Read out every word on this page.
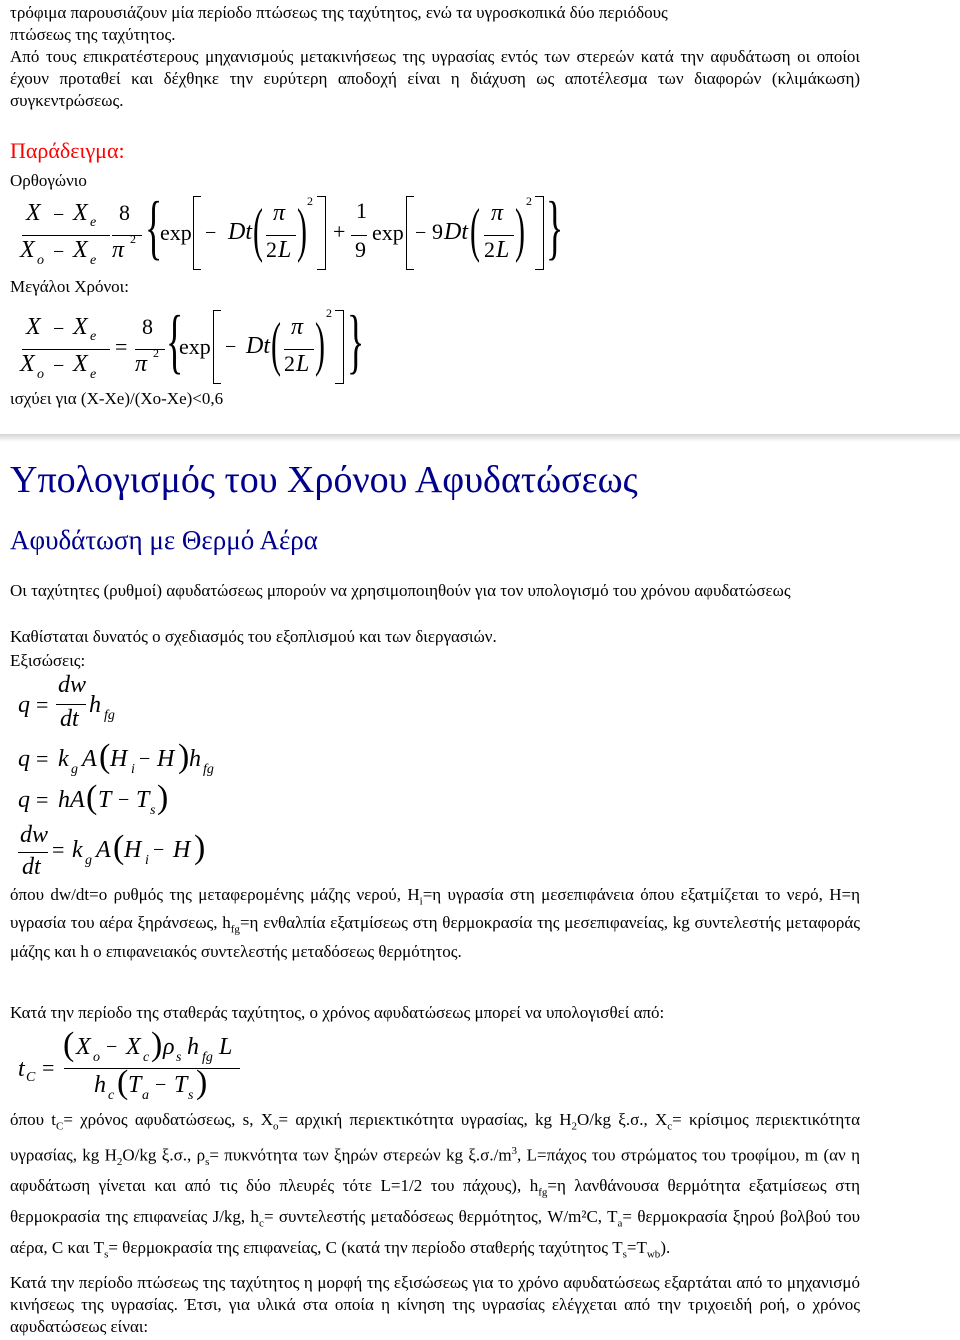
τρόφιμα παρουσιάζουν μία περίοδο πτώσεως της ταχύτητος, ενώ τα υγροσκοπικά δύο περιόδους

πτώσεως της ταχύτητος.

Από τους επικρατέστερους μηχανισμούς μετακινήσεως της υγρασίας εντός των στερεών κατά την αφυδάτωση οι οποίοι έχουν προταθεί και δέχθηκε την ευρύτερη αποδοχή είναι η διάχυση ως αποτέλεσμα των διαφορών (κλιμάκωση) συγκεντρώσεως.

Παράδειγμα:

Ορθογώνιο

X − X e
X o − X e
8
π 2 {
exp − Dt ( π
2 L ) 2
+
1
9
exp − 9 Dt ( π
2 L ) 2 }

Μεγάλοι Χρόνοι:

X − X e
X o − X e
=
8
π 2 {
exp − Dt ( π
2 L ) 2 }

ισχύει για (X-Xe)/(Xo-Xe)<0,6

Υπολογισμός του Χρόνου Αφυδατώσεως

Αφυδάτωση με Θερμό Αέρα

Οι ταχύτητες (ρυθμοί) αφυδατώσεως μπορούν να χρησιμοποιηθούν για τον υπολογισμό του χρόνου αφυδατώσεως

Καθίσταται δυνατός ο σχεδιασμός του εξοπλισμού και των διεργασιών.

Εξισώσεις:

q =
dw
dt
h fg
q = k g A ( H i − H ) h fg
q = hA ( T − T s )
dw
dt
= k g A ( H i − H )

όπου dw/dt=ο ρυθμός της μεταφερομένης μάζης νερού, $H_i=\eta$ υγρασία στη μεσεπιφάνεια όπου εξατμίζεται το νερό, H=η υγρασία του αέρα ξηράνσεως, $h_{fg}=\eta$ ενθαλπία εξατμίσεως στη θερμοκρασία της μεσεπιφανείας, kg συντελεστής μεταφοράς μάζης και h ο επιφανειακός συντελεστής μεταδόσεως θερμότητος.

Κατά την περίοδο της σταθεράς ταχύτητος, ο χρόνος αφυδατώσεως μπορεί να υπολογισθεί από:

t C =
( X o − X c ) ρ s h fg L
h c ( T a − T s )

όπου $t_C= \chi\rho ό\nu o\varsigma$ αφυδατώσεως, s, $X_o= \alpha\rho\chi\iota\kappa ή$ περιεκτικότητα υγρασίας, kg $H_2O/kg$ ξ.σ., $X_c= \kappa\rho ί\sigma\iota\mu o\varsigma$ περιεκτικότητα υγρασίας, kg $H_2O/kg$ ξ.σ., $\rho_s= \pi\upsilon\kappa\nu ό\tau\eta\tau\alpha$ των ξηρών στερεών kg $\xi.\sigma./m^3$, L=πάχος του στρώματος του τροφίμου, m (αν η αφυδάτωση γίνεται και από τις δύο πλευρές τότε L=1/2 του πάχους), $h_{fg}=\eta$ λανθάνουσα θερμότητα εξατμίσεως στη θερμοκρασία της επιφανείας J/kg, $h_c= \sigma\upsilon\nu\tau\varepsilon\lambda\varepsilon\sigma\tau ή\varsigma$ μεταδόσεως θερμότητος, W/m²C, $T_a= \theta\varepsilon\rho\mu o\kappa\rho\alpha\sigma ί\alpha$ ξηρού βολβού του αέρα, C και $T_s= \theta\varepsilon\rho\mu o\kappa\rho\alpha\sigma ί\alpha$ της επιφανείας, C (κατά την περίοδο σταθερής ταχύτητος $T_s=T_{wb}$).

Κατά την περίοδο πτώσεως της ταχύτητος η μορφή της εξισώσεως για το χρόνο αφυδατώσεως εξαρτάται από το μηχανισμό κινήσεως της υγρασίας. Έτσι, για υλικά στα οποία η κίνηση της υγρασίας ελέγχεται από την τριχοειδή ροή, ο χρόνος αφυδατώσεως είναι:
